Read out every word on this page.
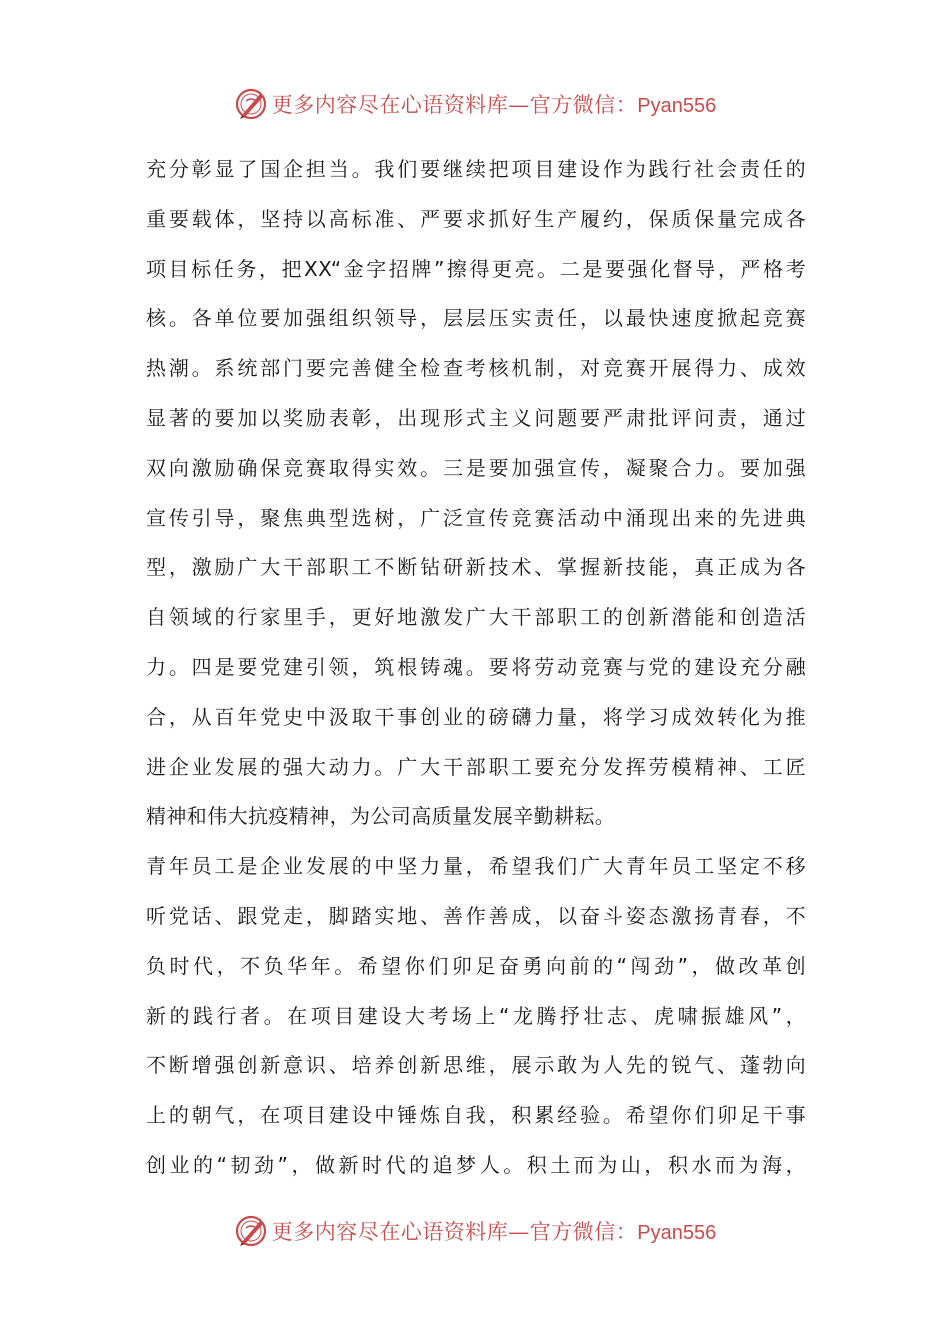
更多内容尽在心语资料库—官方微信：Pyan556
充分彰显了国企担当。我们要继续把项目建设作为践行社会责任的
重要载体，坚持以高标准、严要求抓好生产履约，保质保量完成各
项目标任务，把XX“金字招牌”擦得更亮。二是要强化督导，严格考
核。各单位要加强组织领导，层层压实责任，以最快速度掀起竞赛
热潮。系统部门要完善健全检查考核机制，对竞赛开展得力、成效
显著的要加以奖励表彰，出现形式主义问题要严肃批评问责，通过
双向激励确保竞赛取得实效。三是要加强宣传，凝聚合力。要加强
宣传引导，聚焦典型选树，广泛宣传竞赛活动中涌现出来的先进典
型，激励广大干部职工不断钻研新技术、掌握新技能，真正成为各
自领域的行家里手，更好地激发广大干部职工的创新潜能和创造活
力。四是要党建引领，筑根铸魂。要将劳动竞赛与党的建设充分融
合，从百年党史中汲取干事创业的磅礴力量，将学习成效转化为推
进企业发展的强大动力。广大干部职工要充分发挥劳模精神、工匠
精神和伟大抗疫精神，为公司高质量发展辛勤耕耘。
青年员工是企业发展的中坚力量，希望我们广大青年员工坚定不移
听党话、跟党走，脚踏实地、善作善成，以奋斗姿态激扬青春，不
负时代，不负华年。希望你们卯足奋勇向前的“闯劲”，做改革创
新的践行者。在项目建设大考场上“龙腾抒壮志、虎啸振雄风”，
不断增强创新意识、培养创新思维，展示敢为人先的锐气、蓬勃向
上的朝气，在项目建设中锤炼自我，积累经验。希望你们卯足干事
创业的“韧劲”，做新时代的追梦人。积土而为山，积水而为海，
更多内容尽在心语资料库—官方微信：Pyan556
